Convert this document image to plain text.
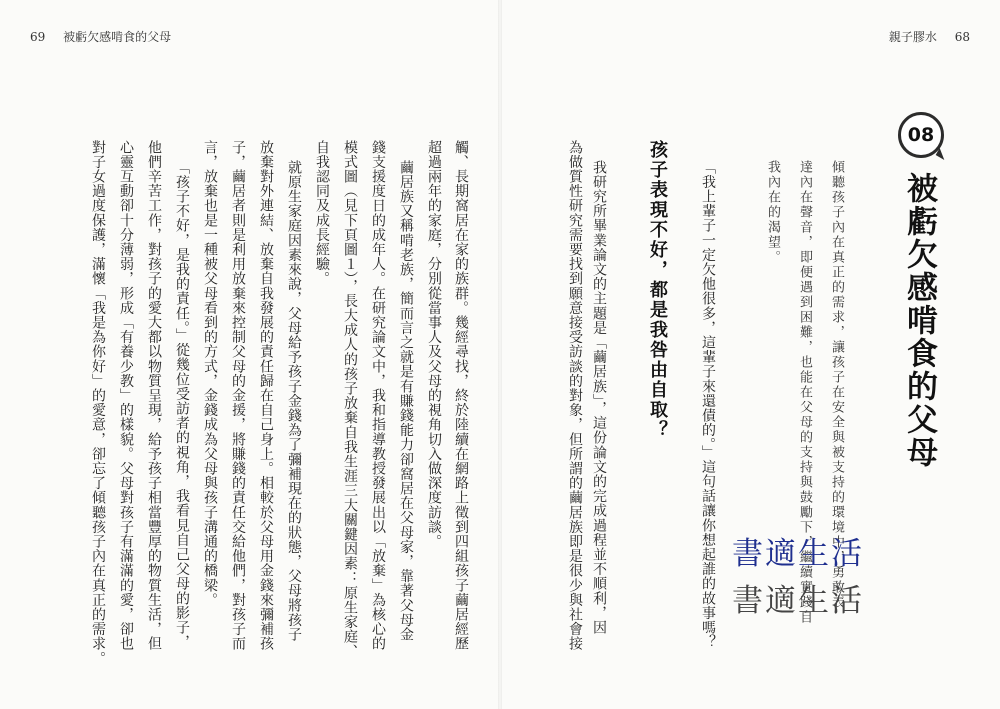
69 被虧欠感啃食的父母	親子膠水 68
08
被虧欠感啃食的父母
傾聽孩子內在真正的需求，讓孩子在安全與被支持的環境中，勇敢表
達內在聲音，即便遇到困難，也能在父母的支持與鼓勵下，繼續實踐自
我內在的渴望。
「我上輩子一定欠他很多，這輩子來還債的。」這句話讓你想起誰的故事嗎？
孩子表現不好，都是我咎由自取？
我研究所畢業論文的主題是「繭居族」，這份論文的完成過程並不順利，因
為做質性研究需要找到願意接受訪談的對象，但所謂的繭居族即是很少與社會接
觸、長期窩居在家的族群。幾經尋找，終於陸續在網路上徵到四組孩子繭居經歷
超過兩年的家庭，分別從當事人及父母的視角切入做深度訪談。
繭居族又稱啃老族，簡而言之就是有賺錢能力卻窩居在父母家，靠著父母金
錢支援度日的成年人。在研究論文中，我和指導教授發展出以「放棄」為核心的
模式圖（見下頁圖１），長大成人的孩子放棄自我生涯三大關鍵因素：原生家庭、
自我認同及成長經驗。
就原生家庭因素來說，父母給予孩子金錢為了彌補現在的狀態，父母將孩子
放棄對外連結、放棄自我發展的責任歸在自己身上。相較於父母用金錢來彌補孩
子，繭居者則是利用放棄來控制父母的金援，將賺錢的責任交給他們，對孩子而
言，放棄也是一種被父母看到的方式，金錢成為父母與孩子溝通的橋梁。
「孩子不好，是我的責任。」從幾位受訪者的視角，我看見自己父母的影子，
他們辛苦工作，對孩子的愛大都以物質呈現，給予孩子相當豐厚的物質生活，但
心靈互動卻十分薄弱，形成「有養少教」的樣貌。父母對孩子有滿滿的愛，卻也
對子女過度保護，滿懷「我是為你好」的愛意，卻忘了傾聽孩子內在真正的需求。	書適生活
書適生活
